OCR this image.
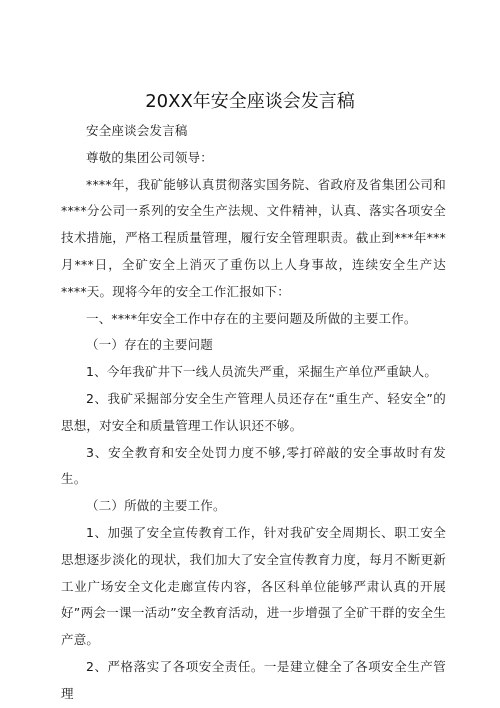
20XX年安全座谈会发言稿

安全座谈会发言稿

尊敬的集团公司领导：

****年，我矿能够认真贯彻落实国务院、省政府及省集团公司和****分公司一系列的安全生产法规、文件精神，认真、落实各项安全技术措施，严格工程质量管理，履行安全管理职责。截止到***年***月***日，全矿安全上消灭了重伤以上人身事故，连续安全生产达****天。现将今年的安全工作汇报如下：

一、****年安全工作中存在的主要问题及所做的主要工作。

（一）存在的主要问题

1、今年我矿井下一线人员流失严重，采掘生产单位严重缺人。

2、我矿采掘部分安全生产管理人员还存在“重生产、轻安全”的思想，对安全和质量管理工作认识还不够。

3、安全教育和安全处罚力度不够,零打碎敲的安全事故时有发生。

（二）所做的主要工作。

1、加强了安全宣传教育工作，针对我矿安全周期长、职工安全思想逐步淡化的现状，我们加大了安全宣传教育力度，每月不断更新工业广场安全文化走廊宣传内容，各区科单位能够严肃认真的开展好”两会一课一活动”安全教育活动，进一步增强了全矿干群的安全生产意。

2、严格落实了各项安全责任。一是建立健全了各项安全生产管理
